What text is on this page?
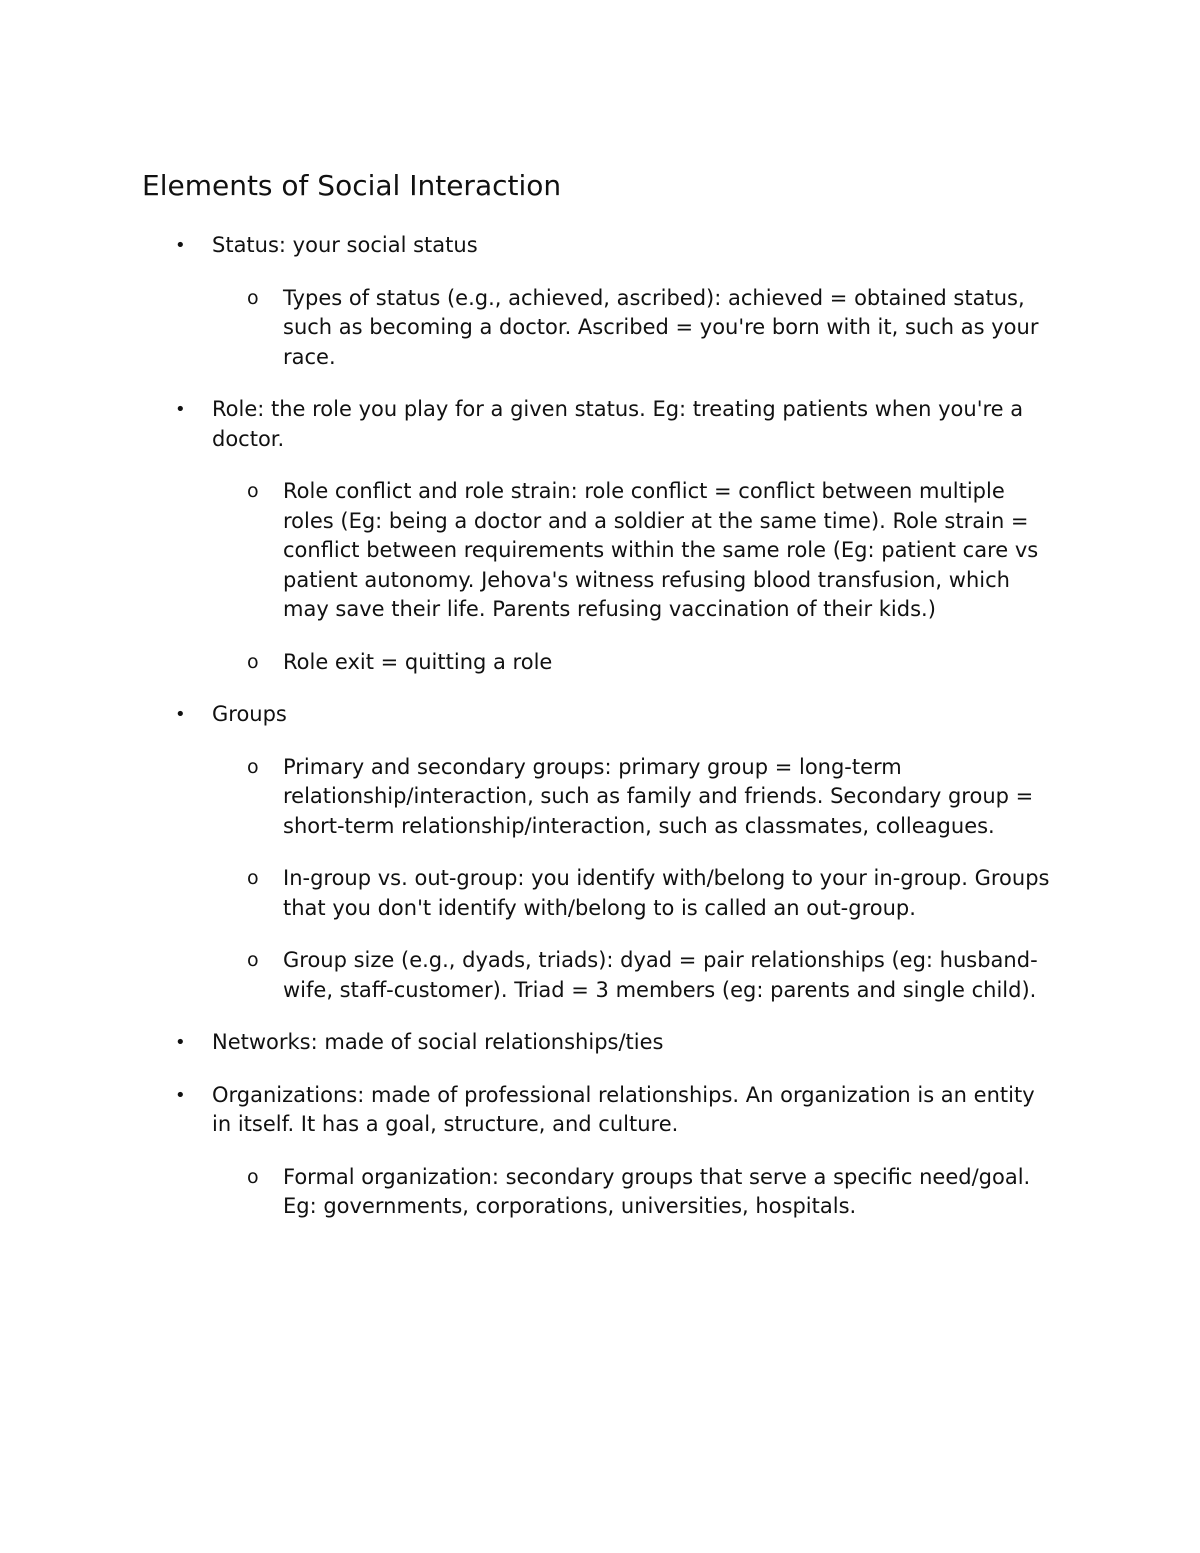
Elements of Social Interaction
• Status: your social status
o Types of status (e.g., achieved, ascribed): achieved = obtained status, such as becoming a doctor. Ascribed = you're born with it, such as your race.
• Role: the role you play for a given status. Eg: treating patients when you're a doctor.
o Role conflict and role strain: role conflict = conflict between multiple roles (Eg: being a doctor and a soldier at the same time). Role strain = conflict between requirements within the same role (Eg: patient care vs patient autonomy. Jehova's witness refusing blood transfusion, which may save their life. Parents refusing vaccination of their kids.)
o Role exit = quitting a role
• Groups
o Primary and secondary groups: primary group = long-term relationship/interaction, such as family and friends. Secondary group = short-term relationship/interaction, such as classmates, colleagues.
o In-group vs. out-group: you identify with/belong to your in-group. Groups that you don't identify with/belong to is called an out-group.
o Group size (e.g., dyads, triads): dyad = pair relationships (eg: husband-wife, staff-customer). Triad = 3 members (eg: parents and single child).
• Networks: made of social relationships/ties
• Organizations: made of professional relationships. An organization is an entity in itself. It has a goal, structure, and culture.
o Formal organization: secondary groups that serve a specific need/goal. Eg: governments, corporations, universities, hospitals.
